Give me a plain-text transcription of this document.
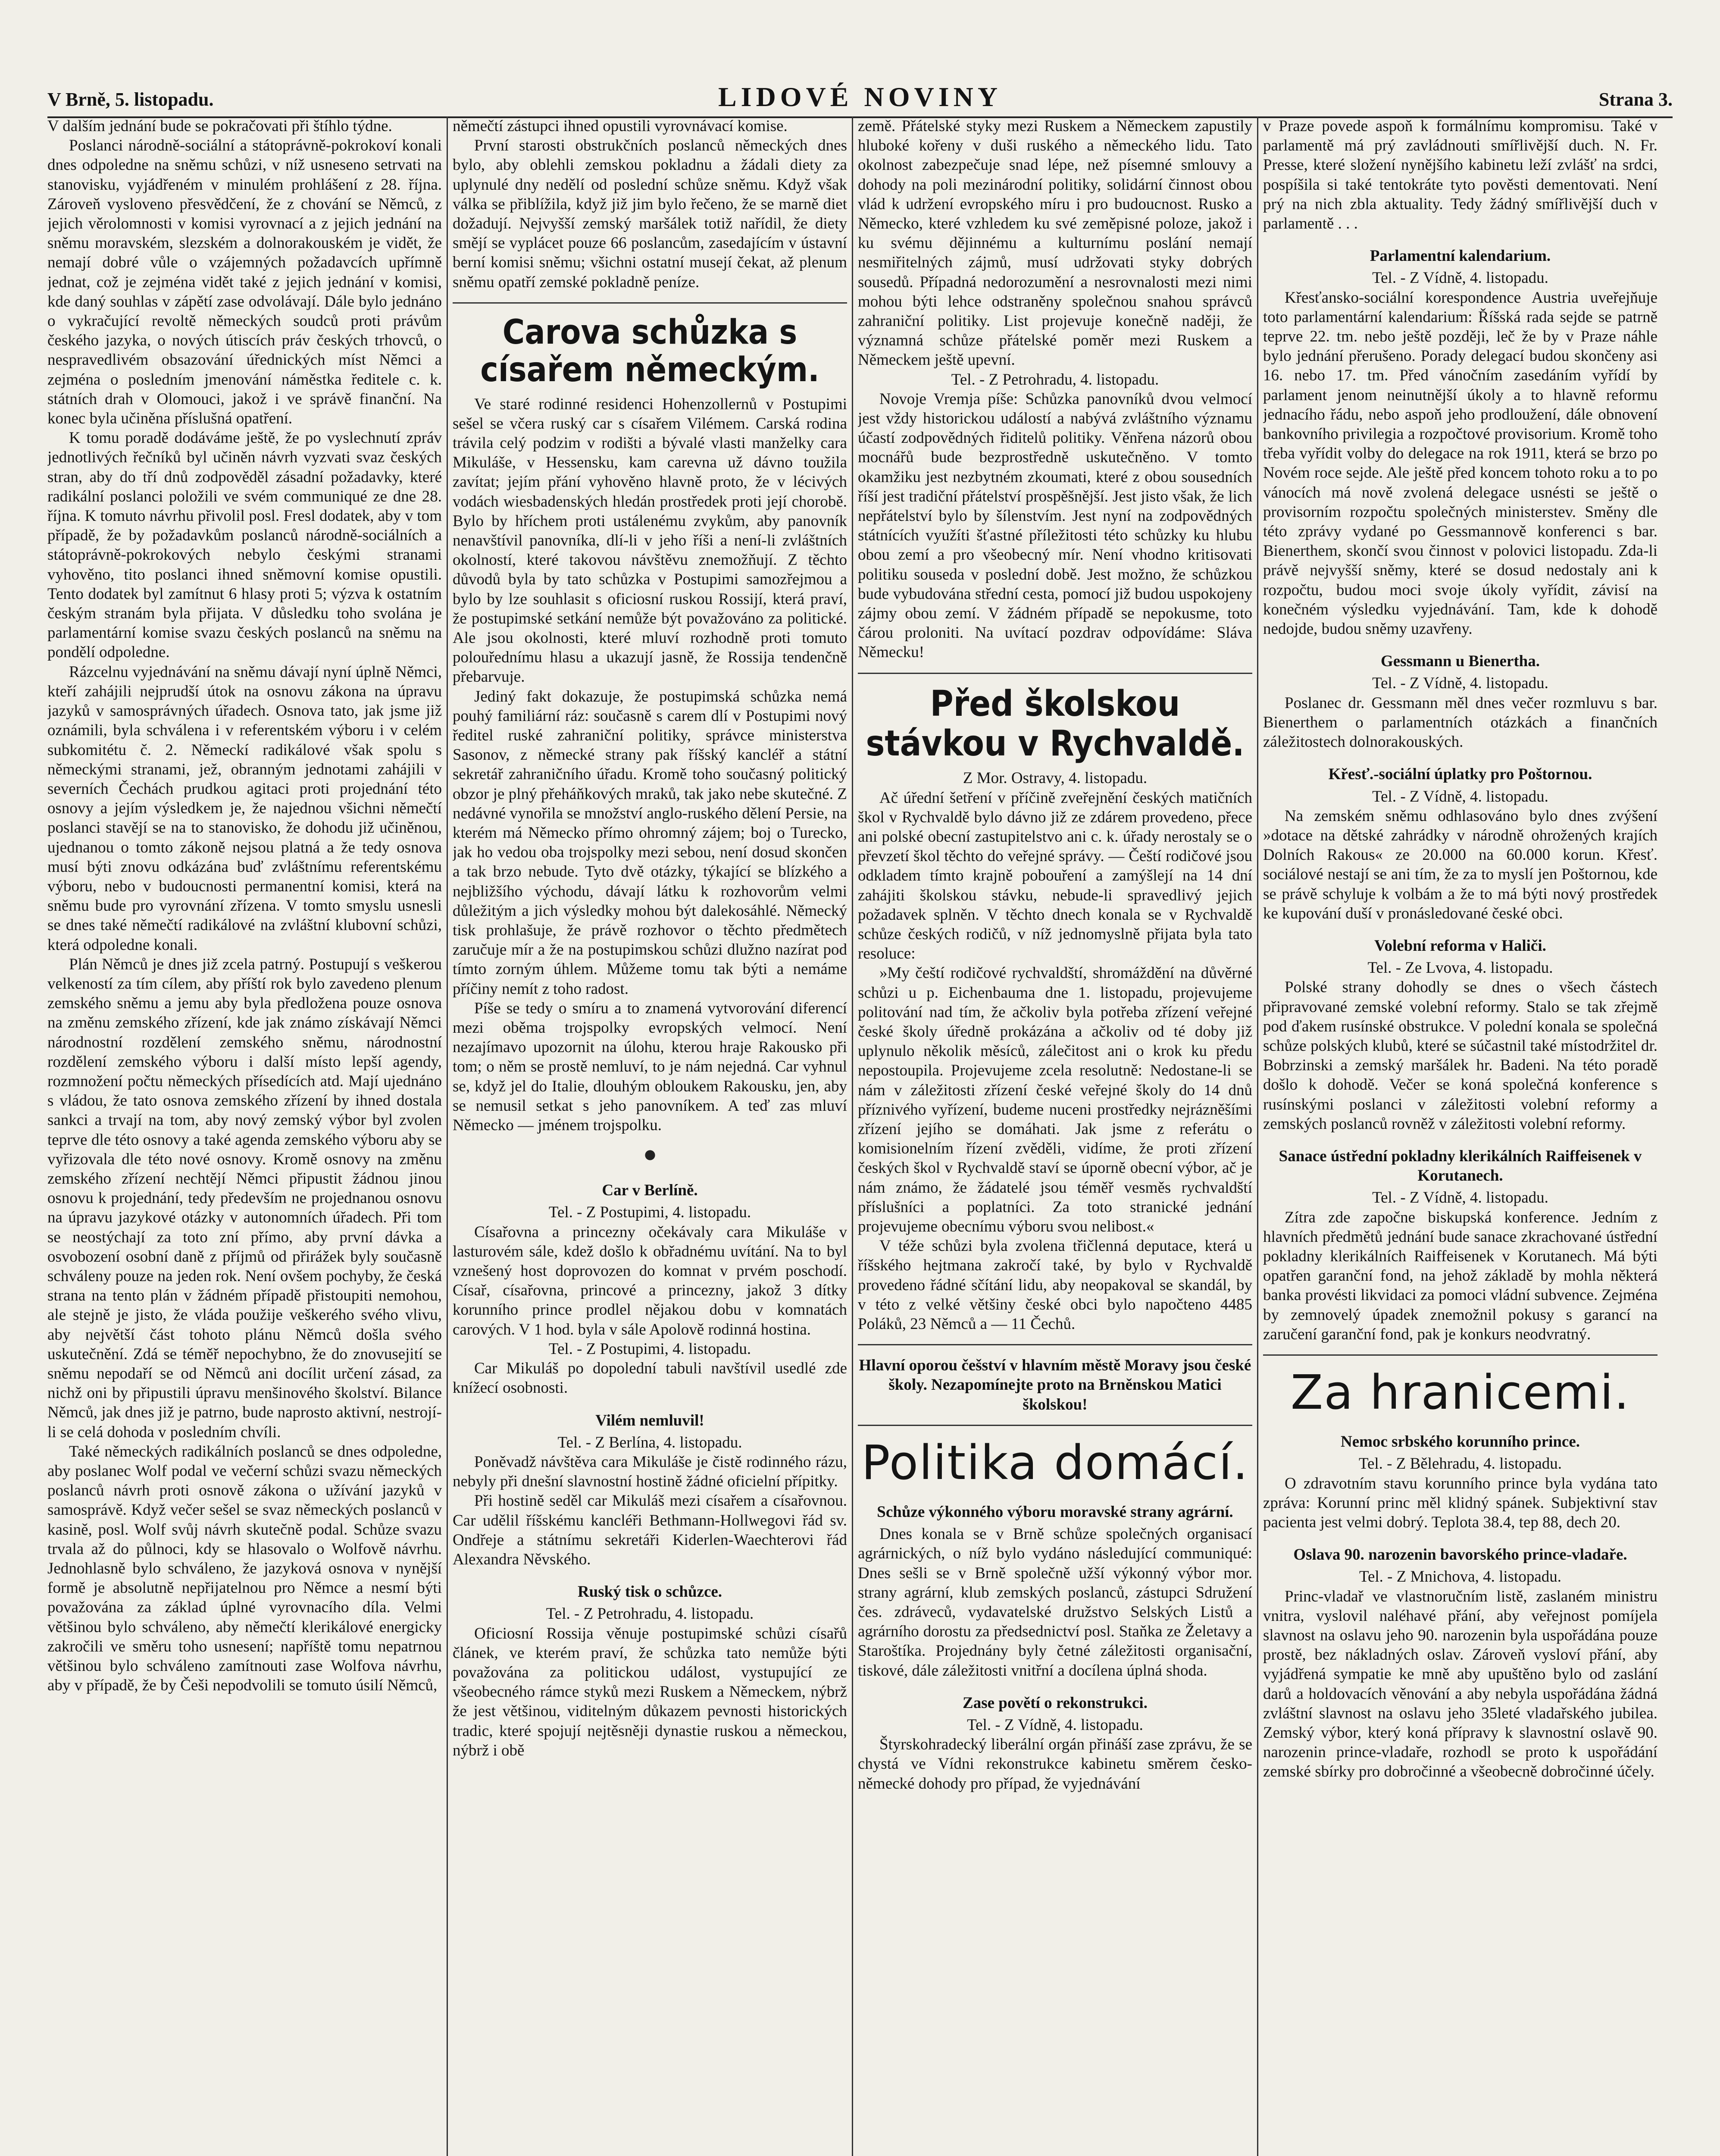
V Brně, 5. listopadu.	LIDOVÉ NOVINY	Strana 3.

V dalším jednání bude se pokračovati při štíhlo týdne.

Poslanci národně-sociální a státoprávně-pokrokoví konali dnes odpoledne na sněmu schůzi, v níž usneseno setrvati na stanovisku, vyjádřeném v minulém prohlášení z 28. října. Zároveň vysloveno přesvědčení, že z chování se Němců, z jejich věrolomnosti v komisi vyrovnací a z jejich jednání na sněmu moravském, slezském a dolnorakouském je vidět, že nemají dobré vůle o vzájemných požadavcích upřímně jednat, což je zejména vidět také z jejich jednání v komisi, kde daný souhlas v zápětí zase odvolávají. Dále bylo jednáno o vykračující revoltě německých soudců proti právům českého jazyka, o nových útiscích práv českých trhovců, o nespravedlivém obsazování úřednických míst Němci a zejména o posledním jmenování náměstka ředitele c. k. státních drah v Olomouci, jakož i ve správě finanční. Na konec byla učiněna příslušná opatření.

K tomu poradě dodáváme ještě, že po vyslechnutí zpráv jednotlivých řečníků byl učiněn návrh vyzvati svaz českých stran, aby do tří dnů zodpověděl zásadní požadavky, které radikální poslanci položili ve svém communiqué ze dne 28. října. K tomuto návrhu přivolil posl. Fresl dodatek, aby v tom případě, že by požadavkům poslanců národně-sociálních a státoprávně-pokrokových nebylo českými stranami vyhověno, tito poslanci ihned sněmovní komise opustili. Tento dodatek byl zamítnut 6 hlasy proti 5; výzva k ostatním českým stranám byla přijata. V důsledku toho svolána je parlamentární komise svazu českých poslanců na sněmu na pondělí odpoledne.

Rázcelnu vyjednávání na sněmu dávají nyní úplně Němci, kteří zahájili nejprudší útok na osnovu zákona na úpravu jazyků v samosprávných úřadech. Osnova tato, jak jsme již oznámili, byla schválena i v referentském výboru i v celém subkomitétu č. 2. Německí radikálové však spolu s německými stranami, jež, obranným jednotami zahájili v severních Čechách prudkou agitaci proti projednání této osnovy a jejím výsledkem je, že najednou všichni němečtí poslanci stavějí se na to stanovisko, že dohodu již učiněnou, ujednanou o tomto zákoně nejsou platná a že tedy osnova musí býti znovu odkázána buď zvláštnímu referentskému výboru, nebo v budoucnosti permanentní komisi, která na sněmu bude pro vyrovnání zřízena. V tomto smyslu usnesli se dnes také němečtí radikálové na zvláštní klubovní schůzi, která odpoledne konali.

Plán Němců je dnes již zcela patrný. Postupují s veškerou velkeností za tím cílem, aby příští rok bylo zavedeno plenum zemského sněmu a jemu aby byla předložena pouze osnova na změnu zemského zřízení, kde jak známo získávají Němci národnostní rozdělení zemského sněmu, národnostní rozdělení zemského výboru i další místo lepší agendy, rozmnožení počtu německých přísedících atd. Mají ujednáno s vládou, že tato osnova zemského zřízení by ihned dostala sankci a trvají na tom, aby nový zemský výbor byl zvolen teprve dle této osnovy a také agenda zemského výboru aby se vyřizovala dle této nové osnovy. Kromě osnovy na změnu zemského zřízení nechtějí Němci připustit žádnou jinou osnovu k projednání, tedy především ne projednanou osnovu na úpravu jazykové otázky v autonomních úřadech. Při tom se neostýchají za toto zní přímo, aby první dávka a osvobození osobní daně z příjmů od přirážek byly současně schváleny pouze na jeden rok. Není ovšem pochyby, že česká strana na tento plán v žádném případě přistoupiti nemohou, ale stejně je jisto, že vláda použije veškerého svého vlivu, aby největší část tohoto plánu Němců došla svého uskutečnění. Zdá se téměř nepochybno, že do znovusejití se sněmu nepodaří se od Němců ani docílit určení zásad, za nichž oni by připustili úpravu menšinového školství. Bilance Němců, jak dnes již je patrno, bude naprosto aktivní, nestrojí-li se celá dohoda v posledním chvíli.

Také německých radikálních poslanců se dnes odpoledne, aby poslanec Wolf podal ve večerní schůzi svazu německých poslanců návrh proti osnově zákona o užívání jazyků v samosprávě. Když večer sešel se svaz německých poslanců v kasině, posl. Wolf svůj návrh skutečně podal. Schůze svazu trvala až do půlnoci, kdy se hlasovalo o Wolfově návrhu. Jednohlasně bylo schváleno, že jazyková osnova v nynější formě je absolutně nepřijatelnou pro Němce a nesmí býti považována za základ úplné vyrovnacího díla. Velmi většinou bylo schváleno, aby němečtí klerikálové energicky zakročili ve směru toho usnesení; napříště tomu nepatrnou většinou bylo schváleno zamítnouti zase Wolfova návrhu, aby v případě, že by Češi nepodvolili se tomuto úsilí Němců,

němečtí zástupci ihned opustili vyrovnávací komise.

První starosti obstrukčních poslanců německých dnes bylo, aby oblehli zemskou pokladnu a žádali diety za uplynulé dny nedělí od poslední schůze sněmu. Když však válka se přiblížila, když již jim bylo řečeno, že se marně diet dožadují. Nejvyšší zemský maršálek totiž nařídil, že diety smějí se vyplácet pouze 66 poslancům, zasedajícím v ústavní berní komisi sněmu; všichni ostatní musejí čekat, až plenum sněmu opatří zemské pokladně peníze.

Carova schůzka s císařem německým.

Ve staré rodinné residenci Hohenzollernů v Postupimi sešel se včera ruský car s císařem Vilémem. Carská rodina trávila celý podzim v rodišti a bývalé vlasti manželky cara Mikuláše, v Hessensku, kam carevna už dávno toužila zavítat; jejím přání vyhověno hlavně proto, že v lécivých vodách wiesbadenských hledán prostředek proti její chorobě. Bylo by hříchem proti ustálenému zvykům, aby panovník nenavštívil panovníka, dlí-li v jeho říši a není-li zvláštních okolností, které takovou návštěvu znemožňují. Z těchto důvodů byla by tato schůzka v Postupimi samozřejmou a bylo by lze souhlasit s oficiosní ruskou Rossijí, která praví, že postupimské setkání nemůže být považováno za politické. Ale jsou okolnosti, které mluví rozhodně proti tomuto polouřednímu hlasu a ukazují jasně, že Rossija tendenčně přebarvuje.

Jediný fakt dokazuje, že postupimská schůzka nemá pouhý familiární ráz: současně s carem dlí v Postupimi nový ředitel ruské zahraniční politiky, správce ministerstva Sasonov, z německé strany pak říšský kancléř a státní sekretář zahraničního úřadu. Kromě toho současný politický obzor je plný přeháňkových mraků, tak jako nebe skutečné. Z nedávné vynořila se množství anglo-ruského dělení Persie, na kterém má Německo přímo ohromný zájem; boj o Turecko, jak ho vedou oba trojspolky mezi sebou, není dosud skončen a tak brzo nebude. Tyto dvě otázky, týkající se blízkého a nejbližšího východu, dávají látku k rozhovorům velmi důležitým a jich výsledky mohou být dalekosáhlé. Německý tisk prohlašuje, že právě rozhovor o těchto předmětech zaručuje mír a že na postupimskou schůzi dlužno nazírat pod tímto zorným úhlem. Můžeme tomu tak býti a nemáme příčiny nemít z toho radost.

Píše se tedy o smíru a to znamená vytvorování diferencí mezi oběma trojspolky evropských velmocí. Není nezajímavo upozornit na úlohu, kterou hraje Rakousko při tom; o něm se prostě nemluví, to je nám nejedná. Car vyhnul se, když jel do Italie, dlouhým obloukem Rakousku, jen, aby se nemusil setkat s jeho panovníkem. A teď zas mluví Německo — jménem trojspolku.

Car v Berlíně.
Tel. - Z Postupimi, 4. listopadu.

Císařovna a princezny očekávaly cara Mikuláše v lasturovém sále, kdež došlo k obřadnému uvítání. Na to byl vznešený host doprovozen do komnat v prvém poschodí. Císař, císařovna, princové a princezny, jakož 3 dítky korunního prince prodlel nějakou dobu v komnatách carových. V 1 hod. byla v sále Apolově rodinná hostina.

Tel. - Z Postupimi, 4. listopadu.

Car Mikuláš po dopolední tabuli navštívil usedlé zde knížecí osobnosti.

Vilém nemluvil!
Tel. - Z Berlína, 4. listopadu.

Poněvadž návštěva cara Mikuláše je čistě rodinného rázu, nebyly při dnešní slavnostní hostině žádné oficielní přípitky.

Při hostině seděl car Mikuláš mezi císařem a císařovnou. Car udělil říšskému kancléři Bethmann-Hollwegovi řád sv. Ondřeje a státnímu sekretáři Kiderlen-Waechterovi řád Alexandra Něvského.

Ruský tisk o schůzce.
Tel. - Z Petrohradu, 4. listopadu.

Oficiosní Rossija věnuje postupimské schůzi císařů článek, ve kterém praví, že schůzka tato nemůže býti považována za politickou událost, vystupující ze všeobecného rámce styků mezi Ruskem a Německem, nýbrž že jest většinou, viditelným důkazem pevnosti historických tradic, které spojují nejtěsněji dynastie ruskou a německou, nýbrž i obě

země. Přátelské styky mezi Ruskem a Německem zapustily hluboké kořeny v duši ruského a německého lidu. Tato okolnost zabezpečuje snad lépe, než písemné smlouvy a dohody na poli mezinárodní politiky, solidární činnost obou vlád k udržení evropského míru i pro budoucnost. Rusko a Německo, které vzhledem ku své zeměpisné poloze, jakož i ku svému dějinnému a kulturnímu poslání nemají nesmiřitelných zájmů, musí udržovati styky dobrých sousedů. Případná nedorozumění a nesrovnalosti mezi nimi mohou býti lehce odstraněny společnou snahou správců zahraniční politiky. List projevuje konečně naději, že významná schůze přátelské poměr mezi Ruskem a Německem ještě upevní.

Tel. - Z Petrohradu, 4. listopadu.

Novoje Vremja píše: Schůzka panovníků dvou velmocí jest vždy historickou událostí a nabývá zvláštního významu účastí zodpovědných řiditelů politiky. Věnřena názorů obou mocnářů bude bezprostředně uskutečněno. V tomto okamžiku jest nezbytném zkoumati, které z obou sousedních říší jest tradiční přátelství prospěšnější. Jest jisto však, že lich nepřátelství bylo by šílenstvím. Jest nyní na zodpovědných státnících využíti šťastné příležitosti této schůzky ku hlubu obou zemí a pro všeobecný mír. Není vhodno kritisovati politiku souseda v poslední době. Jest možno, že schůzkou bude vybudována střední cesta, pomocí již budou uspokojeny zájmy obou zemí. V žádném případě se nepokusme, toto čárou proloniti. Na uvítací pozdrav odpovídáme: Sláva Německu!

Před školskou stávkou v Rychvaldě.
Z Mor. Ostravy, 4. listopadu.

Ač úřední šetření v příčině zveřejnění českých matičních škol v Rychvaldě bylo dávno již ze zdárem provedeno, přece ani polské obecní zastupitelstvo ani c. k. úřady nerostaly se o převzetí škol těchto do veřejné správy. — Čeští rodičové jsou odkladem tímto krajně pobouření a zamýšlejí na 14 dní zahájiti školskou stávku, nebude-li spravedlivý jejich požadavek splněn. V těchto dnech konala se v Rychvaldě schůze českých rodičů, v níž jednomyslně přijata byla tato resoluce:

»My čeští rodičové rychvaldští, shromáždění na důvěrné schůzi u p. Eichenbauma dne 1. listopadu, projevujeme politování nad tím, že ačkoliv byla potřeba zřízení veřejné české školy úředně prokázána a ačkoliv od té doby již uplynulo několik měsíců, zálečitost ani o krok ku předu nepostoupila. Projevujeme zcela resolutně: Nedostane-li se nám v záležitosti zřízení české veřejné školy do 14 dnů příznivého vyřízení, budeme nuceni prostředky nejrázněšími zřízení jejího se domáhati. Jak jsme z referátu o komisionelním řízení zvěděli, vidíme, že proti zřízení českých škol v Rychvaldě staví se úporně obecní výbor, ač je nám známo, že žádatelé jsou téměř vesměs rychvaldští příslušníci a poplatníci. Za toto stranické jednání projevujeme obecnímu výboru svou nelibost.«

V téže schůzi byla zvolena třičlenná deputace, která u říšského hejtmana zakročí také, by bylo v Rychvaldě provedeno řádné sčítání lidu, aby neopakoval se skandál, by v této z velké většiny české obci bylo napočteno 4485 Poláků, 23 Němců a — 11 Čechů.

Hlavní oporou češství v hlavním městě Moravy jsou české školy. Nezapomínejte proto na Brněnskou Matici školskou!
Politika domácí.
Schůze výkonného výboru moravské strany agrární.

Dnes konala se v Brně schůze společných organisací agrárnických, o níž bylo vydáno následující communiqué: Dnes sešli se v Brně společně užší výkonný výbor mor. strany agrární, klub zemských poslanců, zástupci Sdružení čes. zdráveců, vydavatelské družstvo Selských Listů a agrárního dorostu za předsednictví posl. Staňka ze Želetavy a Staroštíka. Projednány byly četné záležitosti organisační, tiskové, dále záležitosti vnitřní a docílena úplná shoda.

Zase povětí o rekonstrukci.
Tel. - Z Vídně, 4. listopadu.

Štyrskohradecký liberální orgán přináší zase zprávu, že se chystá ve Vídni rekonstrukce kabinetu směrem česko-německé dohody pro případ, že vyjednávání

v Praze povede aspoň k formálnímu kompromisu. Také v parlamentě má prý zavládnouti smířlivější duch. N. Fr. Presse, které složení nynějšího kabinetu leží zvlášť na srdci, pospíšila si také tentokráte tyto pověsti dementovati. Není prý na nich zbla aktuality. Tedy žádný smířlivější duch v parlamentě . . .

Parlamentní kalendarium.
Tel. - Z Vídně, 4. listopadu.

Křesťansko-sociální korespondence Austria uveřejňuje toto parlamentární kalendarium: Říšská rada sejde se patrně teprve 22. tm. nebo ještě později, leč že by v Praze náhle bylo jednání přerušeno. Porady delegací budou skončeny asi 16. nebo 17. tm. Před vánočním zasedáním vyřídí by parlament jenom neinutnější úkoly a to hlavně reformu jednacího řádu, nebo aspoň jeho prodloužení, dále obnovení bankovního privilegia a rozpočtové provisorium. Kromě toho třeba vyřídit volby do delegace na rok 1911, která se brzo po Novém roce sejde. Ale ještě před koncem tohoto roku a to po vánocích má nově zvolená delegace usnésti se ještě o provisorním rozpočtu společných ministerstev. Směny dle této zprávy vydané po Gessmannově konferenci s bar. Bienerthem, skončí svou činnost v polovici listopadu. Zda-li právě nejvyšší sněmy, které se dosud nedostaly ani k rozpočtu, budou moci svoje úkoly vyřídit, závisí na konečném výsledku vyjednávání. Tam, kde k dohodě nedojde, budou sněmy uzavřeny.

Gessmann u Bienertha.
Tel. - Z Vídně, 4. listopadu.

Poslanec dr. Gessmann měl dnes večer rozmluvu s bar. Bienerthem o parlamentních otázkách a finančních záležitostech dolnorakouských.

Křesť.-sociální úplatky pro Poštornou.
Tel. - Z Vídně, 4. listopadu.

Na zemském sněmu odhlasováno bylo dnes zvýšení »dotace na dětské zahrádky v národně ohrožených krajích Dolních Rakous« ze 20.000 na 60.000 korun. Křesť. sociálové nestají se ani tím, že za to myslí jen Poštornou, kde se právě schyluje k volbám a že to má býti nový prostředek ke kupování duší v pronásledované české obci.

Volební reforma v Haliči.
Tel. - Ze Lvova, 4. listopadu.

Polské strany dohodly se dnes o všech částech připravované zemské volební reformy. Stalo se tak zřejmě pod ďakem rusínské obstrukce. V polední konala se společná schůze polských klubů, které se súčastnil také místodržitel dr. Bobrzinski a zemský maršálek hr. Badeni. Na této poradě došlo k dohodě. Večer se koná společná konference s rusínskými poslanci v záležitosti volební reformy a zemských poslanců rovněž v záležitosti volební reformy.

Sanace ústřední pokladny klerikálních Raiffeisenek v Korutanech.
Tel. - Z Vídně, 4. listopadu.

Zítra zde započne biskupská konference. Jedním z hlavních předmětů jednání bude sanace zkrachované ústřední pokladny klerikálních Raiffeisenek v Korutanech. Má býti opatřen garanční fond, na jehož základě by mohla některá banka provésti likvidaci za pomoci vládní subvence. Zejména by zemnovelý úpadek znemožnil pokusy s garancí na zaručení garanční fond, pak je konkurs neodvratný.

Za hranicemi.
Nemoc srbského korunního prince.
Tel. - Z Bělehradu, 4. listopadu.

O zdravotním stavu korunního prince byla vydána tato zpráva: Korunní princ měl klidný spánek. Subjektivní stav pacienta jest velmi dobrý. Teplota 38.4, tep 88, dech 20.

Oslava 90. narozenin bavorského prince-vladaře.
Tel. - Z Mnichova, 4. listopadu.

Princ-vladař ve vlastnoručním listě, zaslaném ministru vnitra, vyslovil naléhavé přání, aby veřejnost pomíjela slavnost na oslavu jeho 90. narozenin byla uspořádána pouze prostě, bez nákladných oslav. Zároveň vysloví přání, aby vyjádřená sympatie ke mně aby upuštěno bylo od zaslání darů a holdovacích věnování a aby nebyla uspořádána žádná zvláštní slavnost na oslavu jeho 35leté vladařského jubilea. Zemský výbor, který koná přípravy k slavnostní oslavě 90. narozenin prince-vladaře, rozhodl se proto k uspořádání zemské sbírky pro dobročinné a všeobecně dobročinné účely.
